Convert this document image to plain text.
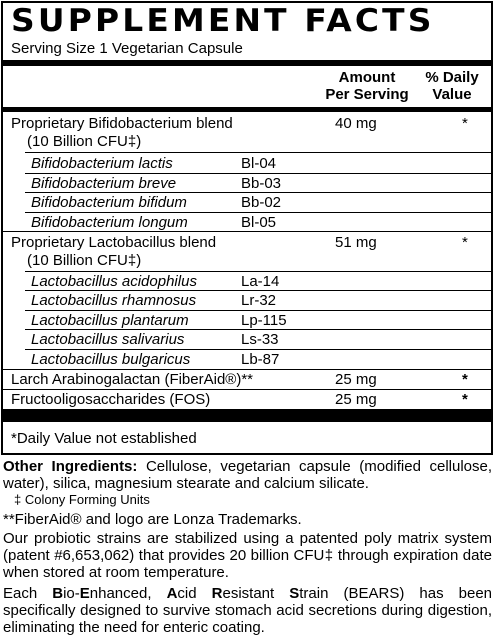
SUPPLEMENT FACTS
Serving Size 1 Vegetarian Capsule
Amount
Per Serving
% Daily
Value
Proprietary Bifidobacterium blend	40 mg	*
(10 Billion CFU‡)
Bifidobacterium lactis	Bl-04
Bifidobacterium breve	Bb-03
Bifidobacterium bifidum	Bb-02
Bifidobacterium longum	Bl-05
Proprietary Lactobacillus blend	51 mg	*
(10 Billion CFU‡)
Lactobacillus acidophilus	La-14
Lactobacillus rhamnosus	Lr-32
Lactobacillus plantarum	Lp-115
Lactobacillus salivarius	Ls-33
Lactobacillus bulgaricus	Lb-87
Larch Arabinogalactan (FiberAid®)**	25 mg	*
Fructooligosaccharides (FOS)	25 mg	*
*Daily Value not established
Other Ingredients: Cellulose, vegetarian capsule (modified cellulose, water), silica, magnesium stearate and calcium silicate.
‡ Colony Forming Units
**FiberAid® and logo are Lonza Trademarks.
Our probiotic strains are stabilized using a patented poly matrix system (patent #6,653,062) that provides 20 billion CFU‡ through expiration date when stored at room temperature.
Each Bio-Enhanced, Acid Resistant Strain (BEARS) has been specifically designed to survive stomach acid secretions during digestion, eliminating the need for enteric coating.
